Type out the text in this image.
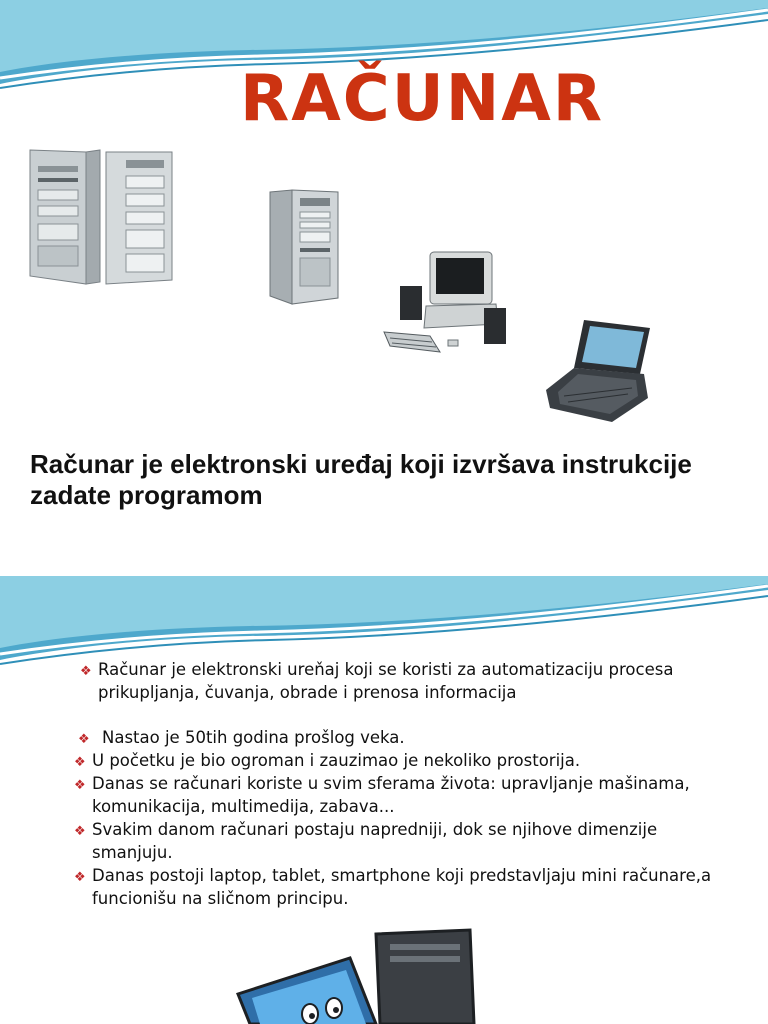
RAČUNAR

Računar je elektronski uređaj koji izvršava instrukcije zadate programom

❖ Računar je elektronski ureňaj koji se koristi za automatizaciju procesa prikupljanja, čuvanja, obrade i prenosa informacija
❖ Nastao je 50tih godina prošlog veka.
❖ U početku je bio ogroman i zauzimao je nekoliko prostorija.
❖ Danas se računari koriste u svim sferama života: upravljanje mašinama, komunikacija, multimedija, zabava...
❖ Svakim danom računari postaju napredniji, dok se njihove dimenzije smanjuju.
❖ Danas postoji laptop, tablet, smartphone koji predstavljaju mini računare,a funcionišu na sličnom principu.
